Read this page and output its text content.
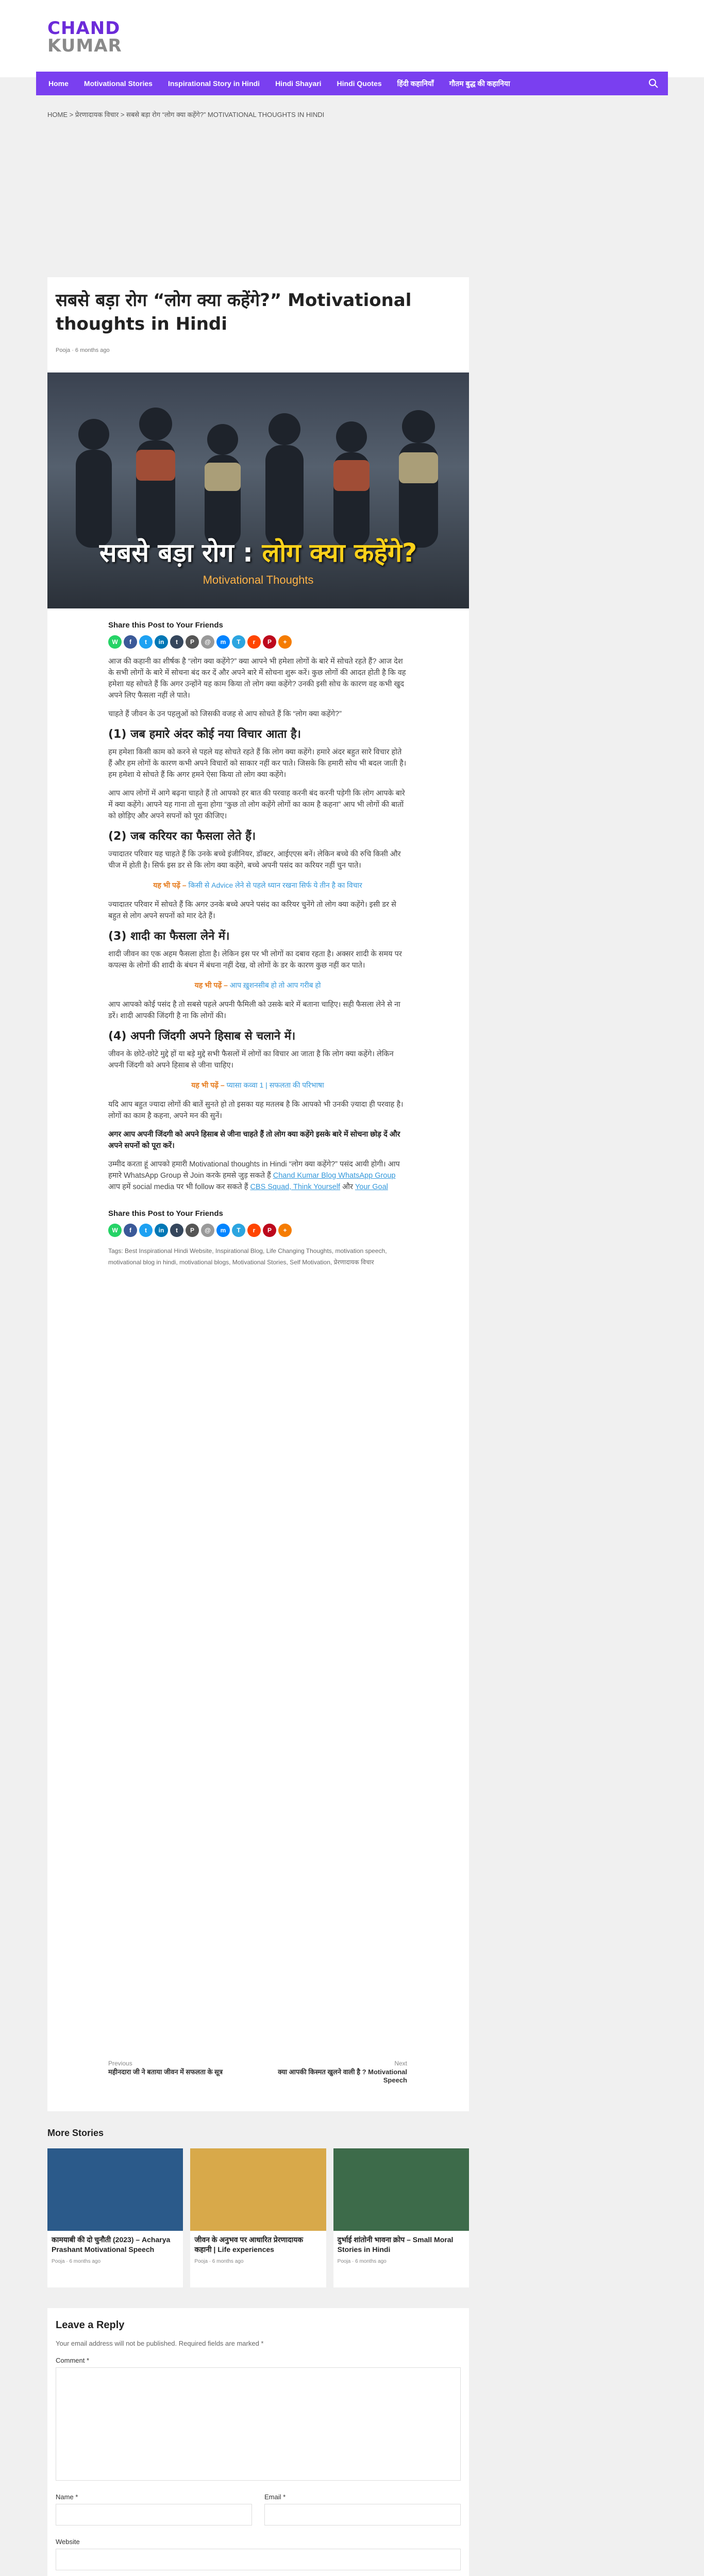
CHAND
KUMAR
Home Motivational Stories Inspirational Story in Hindi Hindi Shayari Hindi Quotes हिंदी कहानियाँ गौतम बुद्ध की कहानिया
HOME > प्रेरणादायक विचार > सबसे बड़ा रोग “लोग क्या कहेंगे?” MOTIVATIONAL THOUGHTS IN HINDI
सबसे बड़ा रोग “लोग क्या कहेंगे?” Motivational thoughts in Hindi
Pooja · 6 months ago
सबसे बड़ा रोग : लोग क्या कहेंगे?
Motivational Thoughts
Share this Post to Your Friends
W	f	t	in	t	P	@	m	T	r	P	+

आज की कहानी का शीर्षक है “लोग क्या कहेंगे?” क्या आपने भी हमेशा लोगों के बारे में सोचते रहते हैं? आज देश के सभी लोगों के बारे में सोचना बंद कर दें और अपने बारे में सोचना शुरू करें। कुछ लोगों की आदत होती है कि वह हमेशा यह सोचते हैं कि अगर उन्होंने यह काम किया तो लोग क्या कहेंगे? उनकी इसी सोच के कारण वह कभी खुद अपने लिए फैसला नहीं ले पाते।

चाहते हैं जीवन के उन पहलुओं को जिसकी वजह से आप सोचते हैं कि “लोग क्या कहेंगे?”

(1) जब हमारे अंदर कोई नया विचार आता है।

हम हमेशा किसी काम को करने से पहले यह सोचते रहते हैं कि लोग क्या कहेंगे। हमारे अंदर बहुत सारे विचार होते हैं और हम लोगों के कारण कभी अपने विचारों को साकार नहीं कर पाते। जिसके कि हमारी सोच भी बदल जाती है। हम हमेशा ये सोचते हैं कि अगर हमने ऐसा किया तो लोग क्या कहेंगे।

आप आप लोगों में आगे बढ़ना चाहते हैं तो आपको हर बात की परवाह करनी बंद करनी पड़ेगी कि लोग आपके बारे में क्या कहेंगे। आपने यह गाना तो सुना होगा “कुछ तो लोग कहेंगे लोगों का काम है कहना” आप भी लोगों की बातों को छोड़िए और अपने सपनों को पूरा कीजिए।

(2) जब करियर का फैसला लेते हैं।

ज्यादातर परिवार यह चाहते हैं कि उनके बच्चे इंजीनियर, डॉक्टर, आईएएस बनें। लेकिन बच्चे की रुचि किसी और चीज में होती है। सिर्फ इस डर से कि लोग क्या कहेंगे, बच्चे अपनी पसंद का करियर नहीं चुन पाते।

यह भी पढ़ें – किसी से Advice लेने से पहले ध्यान रखना सिर्फ ये तीन है का विचार

ज्यादातर परिवार में सोचते हैं कि अगर उनके बच्चे अपने पसंद का करियर चुनेंगे तो लोग क्या कहेंगे। इसी डर से बहुत से लोग अपने सपनों को मार देते हैं।

(3) शादी का फैसला लेने में।

शादी जीवन का एक अहम फैसला होता है। लेकिन इस पर भी लोगों का दबाव रहता है। अक्सर शादी के समय पर कपल्स के लोगों की शादी के बंधन में बंधना नहीं देख, वो लोगों के डर के कारण कुछ नहीं कर पाते।

यह भी पढ़ें – आप ख़ुशनसीब हो तो आप गरीब हो

आप आपको कोई पसंद है तो सबसे पहले अपनी फैमिली को उसके बारे में बताना चाहिए। सही फैसला लेने से ना डरें। शादी आपकी जिंदगी है ना कि लोगों की।

(4) अपनी जिंदगी अपने हिसाब से चलाने में।

जीवन के छोटे-छोटे मुद्दे हों या बड़े मुद्दे सभी फैसलों में लोगों का विचार आ जाता है कि लोग क्या कहेंगे। लेकिन अपनी जिंदगी को अपने हिसाब से जीना चाहिए।

यह भी पढ़ें – प्यासा कव्वा 1 | सफलता की परिभाषा

यदि आप बहुत ज्यादा लोगों की बातें सुनते हो तो इसका यह मतलब है कि आपको भी उनकी ज़्यादा ही परवाह है। लोगों का काम है कहना, अपने मन की सुनें।

अगर आप अपनी जिंदगी को अपने हिसाब से जीना चाहते हैं तो लोग क्या कहेंगे इसके बारे में सोचना छोड़ दें और अपने सपनों को पूरा करें।

उम्मीद करता हूं आपको हमारी Motivational thoughts in Hindi “लोग क्या कहेंगे?” पसंद आयी होगी। आप हमारे WhatsApp Group से Join करके हमसे जुड़ सकते हैं Chand Kumar Blog WhatsApp Group आप हमें social media पर भी follow कर सकते हैं CBS Squad, Think Yourself और Your Goal

Share this Post to Your Friends
W	f	t	in	t	P	@	m	T	r	P	+
Tags: Best Inspirational Hindi Website, Inspirational Blog, Life Changing Thoughts, motivation speech, motivational blog in hindi, motivational blogs, Motivational Stories, Self Motivation, प्रेरणादायक विचार
Previous
महीनदारा जी ने बताया जीवन में सफलता के सूत्र
Next
क्या आपकी किस्मत खुलने वाली है ? Motivational Speech
More Stories
कामयाबी की दो चुनौती (2023) – Acharya Prashant Motivational Speech
Pooja · 6 months ago
जीवन के अनुभव पर आधारित प्रेरणादायक कहानी | Life experiences
Pooja · 6 months ago
दुर्भाई शांतोनी भावना क्रोप – Small Moral Stories in Hindi
Pooja · 6 months ago
Leave a Reply
Your email address will not be published. Required fields are marked *
Comment *
Name *	Email *
Website
